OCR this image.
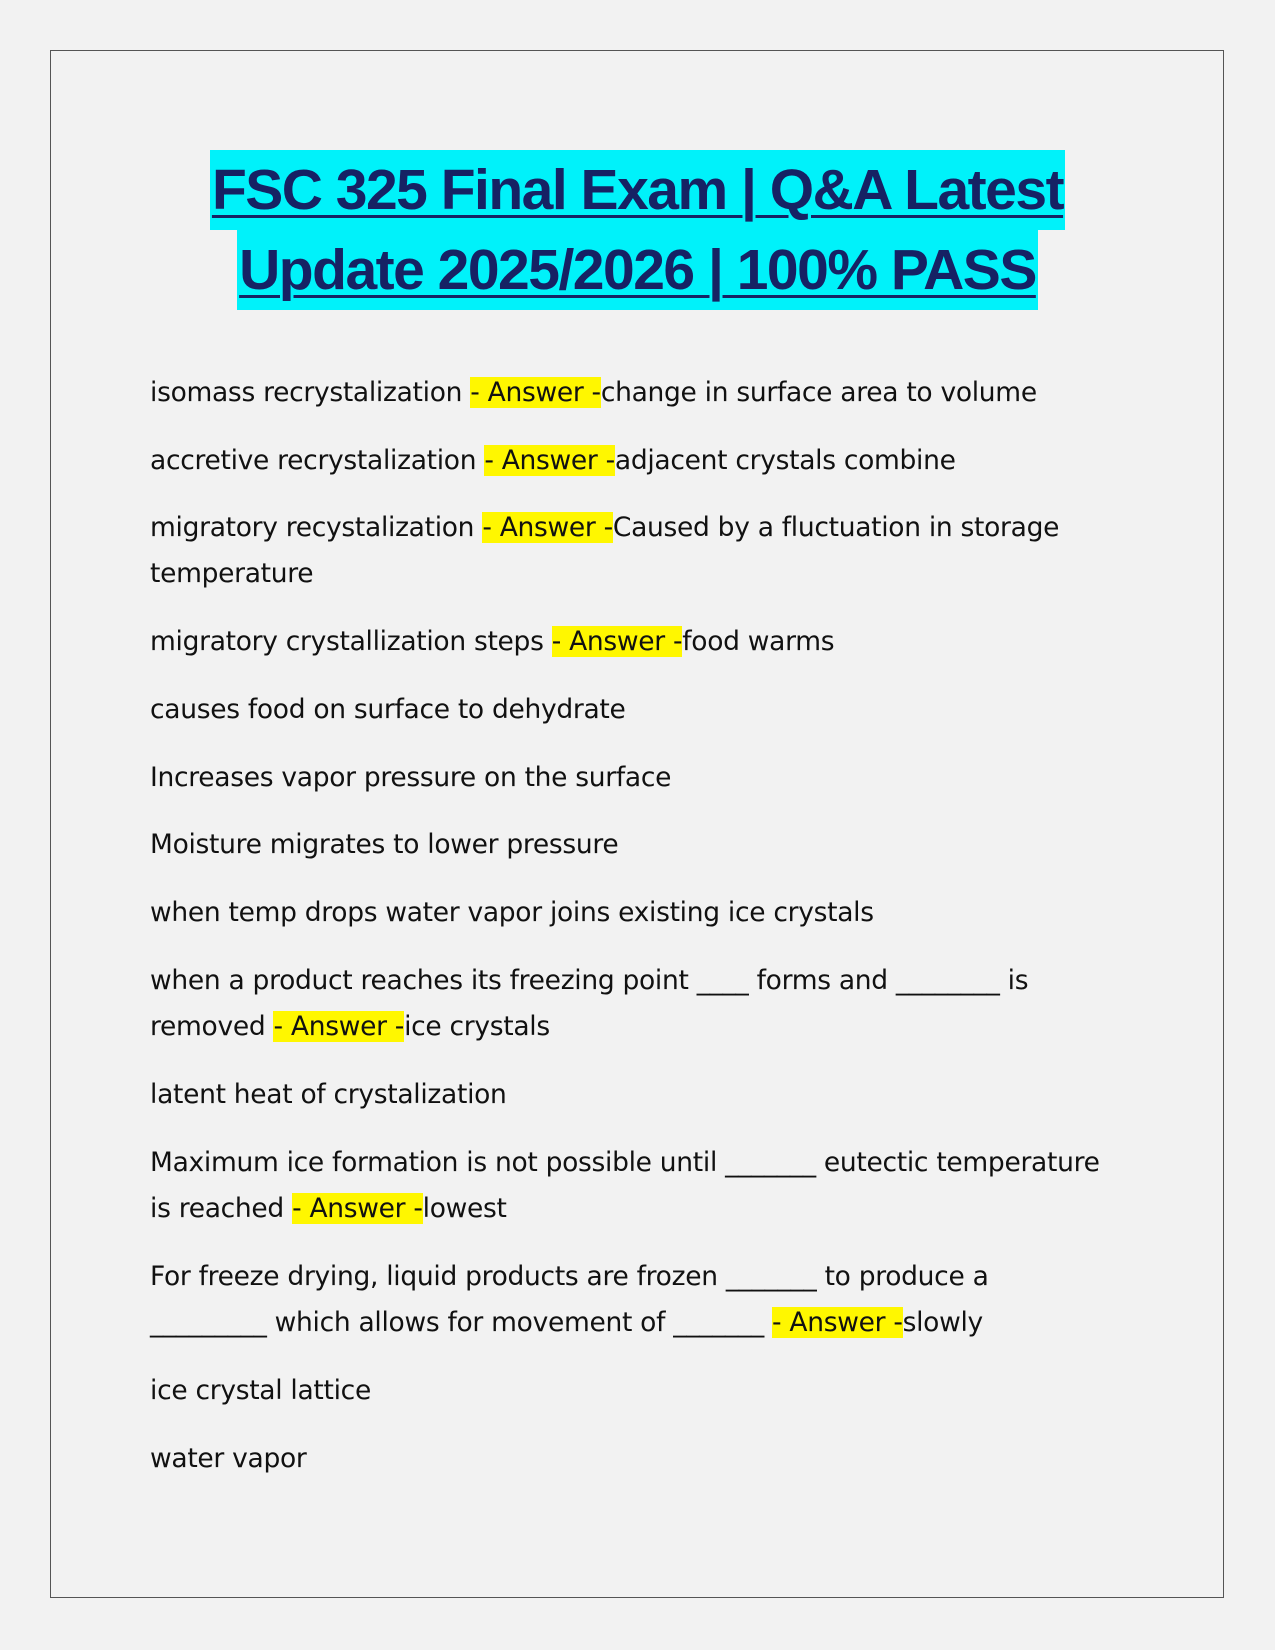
FSC 325 Final Exam | Q&A Latest
Update 2025/2026 | 100% PASS

isomass recrystalization - Answer -change in surface area to volume

accretive recrystalization - Answer -adjacent crystals combine

migratory recystalization - Answer -Caused by a fluctuation in storage temperature

migratory crystallization steps - Answer -food warms

causes food on surface to dehydrate

Increases vapor pressure on the surface

Moisture migrates to lower pressure

when temp drops water vapor joins existing ice crystals

when a product reaches its freezing point ____ forms and ________ is removed - Answer -ice crystals

latent heat of crystalization

Maximum ice formation is not possible until _______ eutectic temperature is reached - Answer -lowest

For freeze drying, liquid products are frozen _______ to produce a _________ which allows for movement of _______ - Answer -slowly

ice crystal lattice

water vapor
